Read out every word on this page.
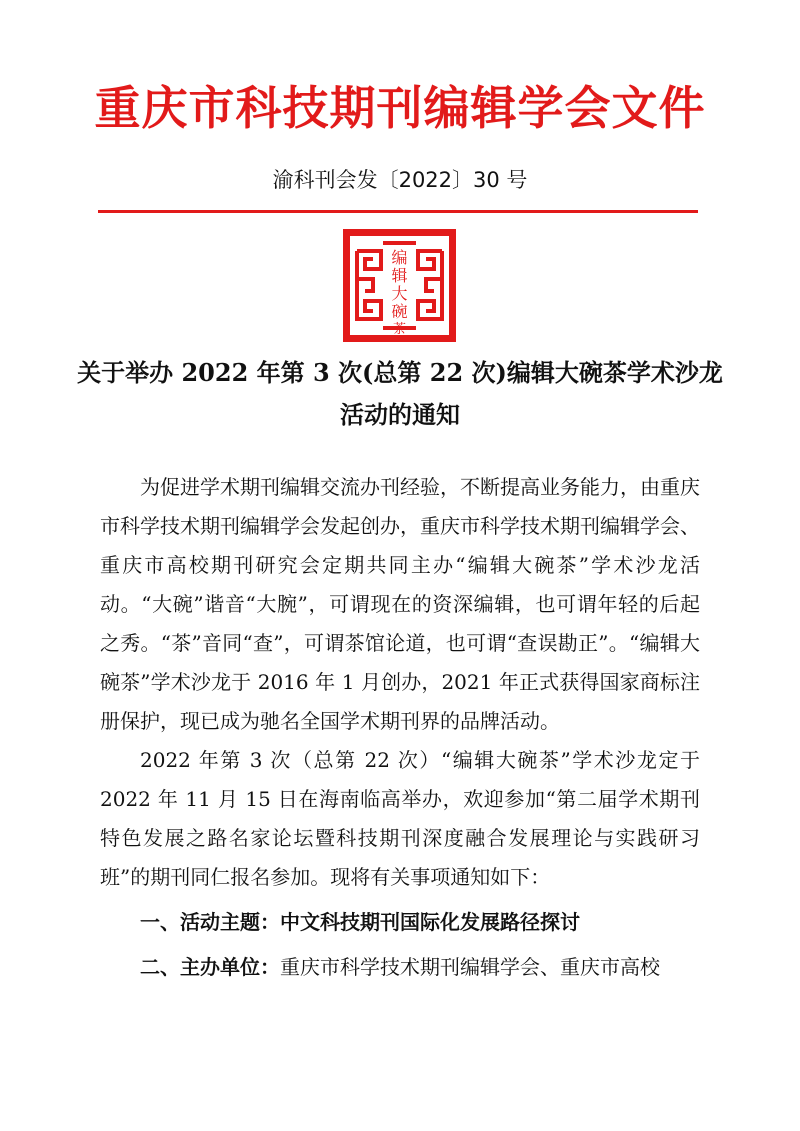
重庆市科技期刊编辑学会文件
渝科刊会发〔2022〕30 号
编
辑
大
碗
茶
关于举办 2022 年第 3 次(总第 22 次)编辑大碗茶学术沙龙
活动的通知

为促进学术期刊编辑交流办刊经验，不断提高业务能力，由重庆市科学技术期刊编辑学会发起创办，重庆市科学技术期刊编辑学会、重庆市高校期刊研究会定期共同主办“编辑大碗茶”学术沙龙活动。“大碗”谐音“大腕”，可谓现在的资深编辑，也可谓年轻的后起之秀。“茶”音同“查”，可谓茶馆论道，也可谓“查误勘正”。“编辑大碗茶”学术沙龙于 2016 年 1 月创办，2021 年正式获得国家商标注册保护，现已成为驰名全国学术期刊界的品牌活动。

2022 年第 3 次（总第 22 次）“编辑大碗茶”学术沙龙定于 2022 年 11 月 15 日在海南临高举办，欢迎参加“第二届学术期刊特色发展之路名家论坛暨科技期刊深度融合发展理论与实践研习班”的期刊同仁报名参加。现将有关事项通知如下：

一、活动主题：中文科技期刊国际化发展路径探讨

二、主办单位：重庆市科学技术期刊编辑学会、重庆市高校
